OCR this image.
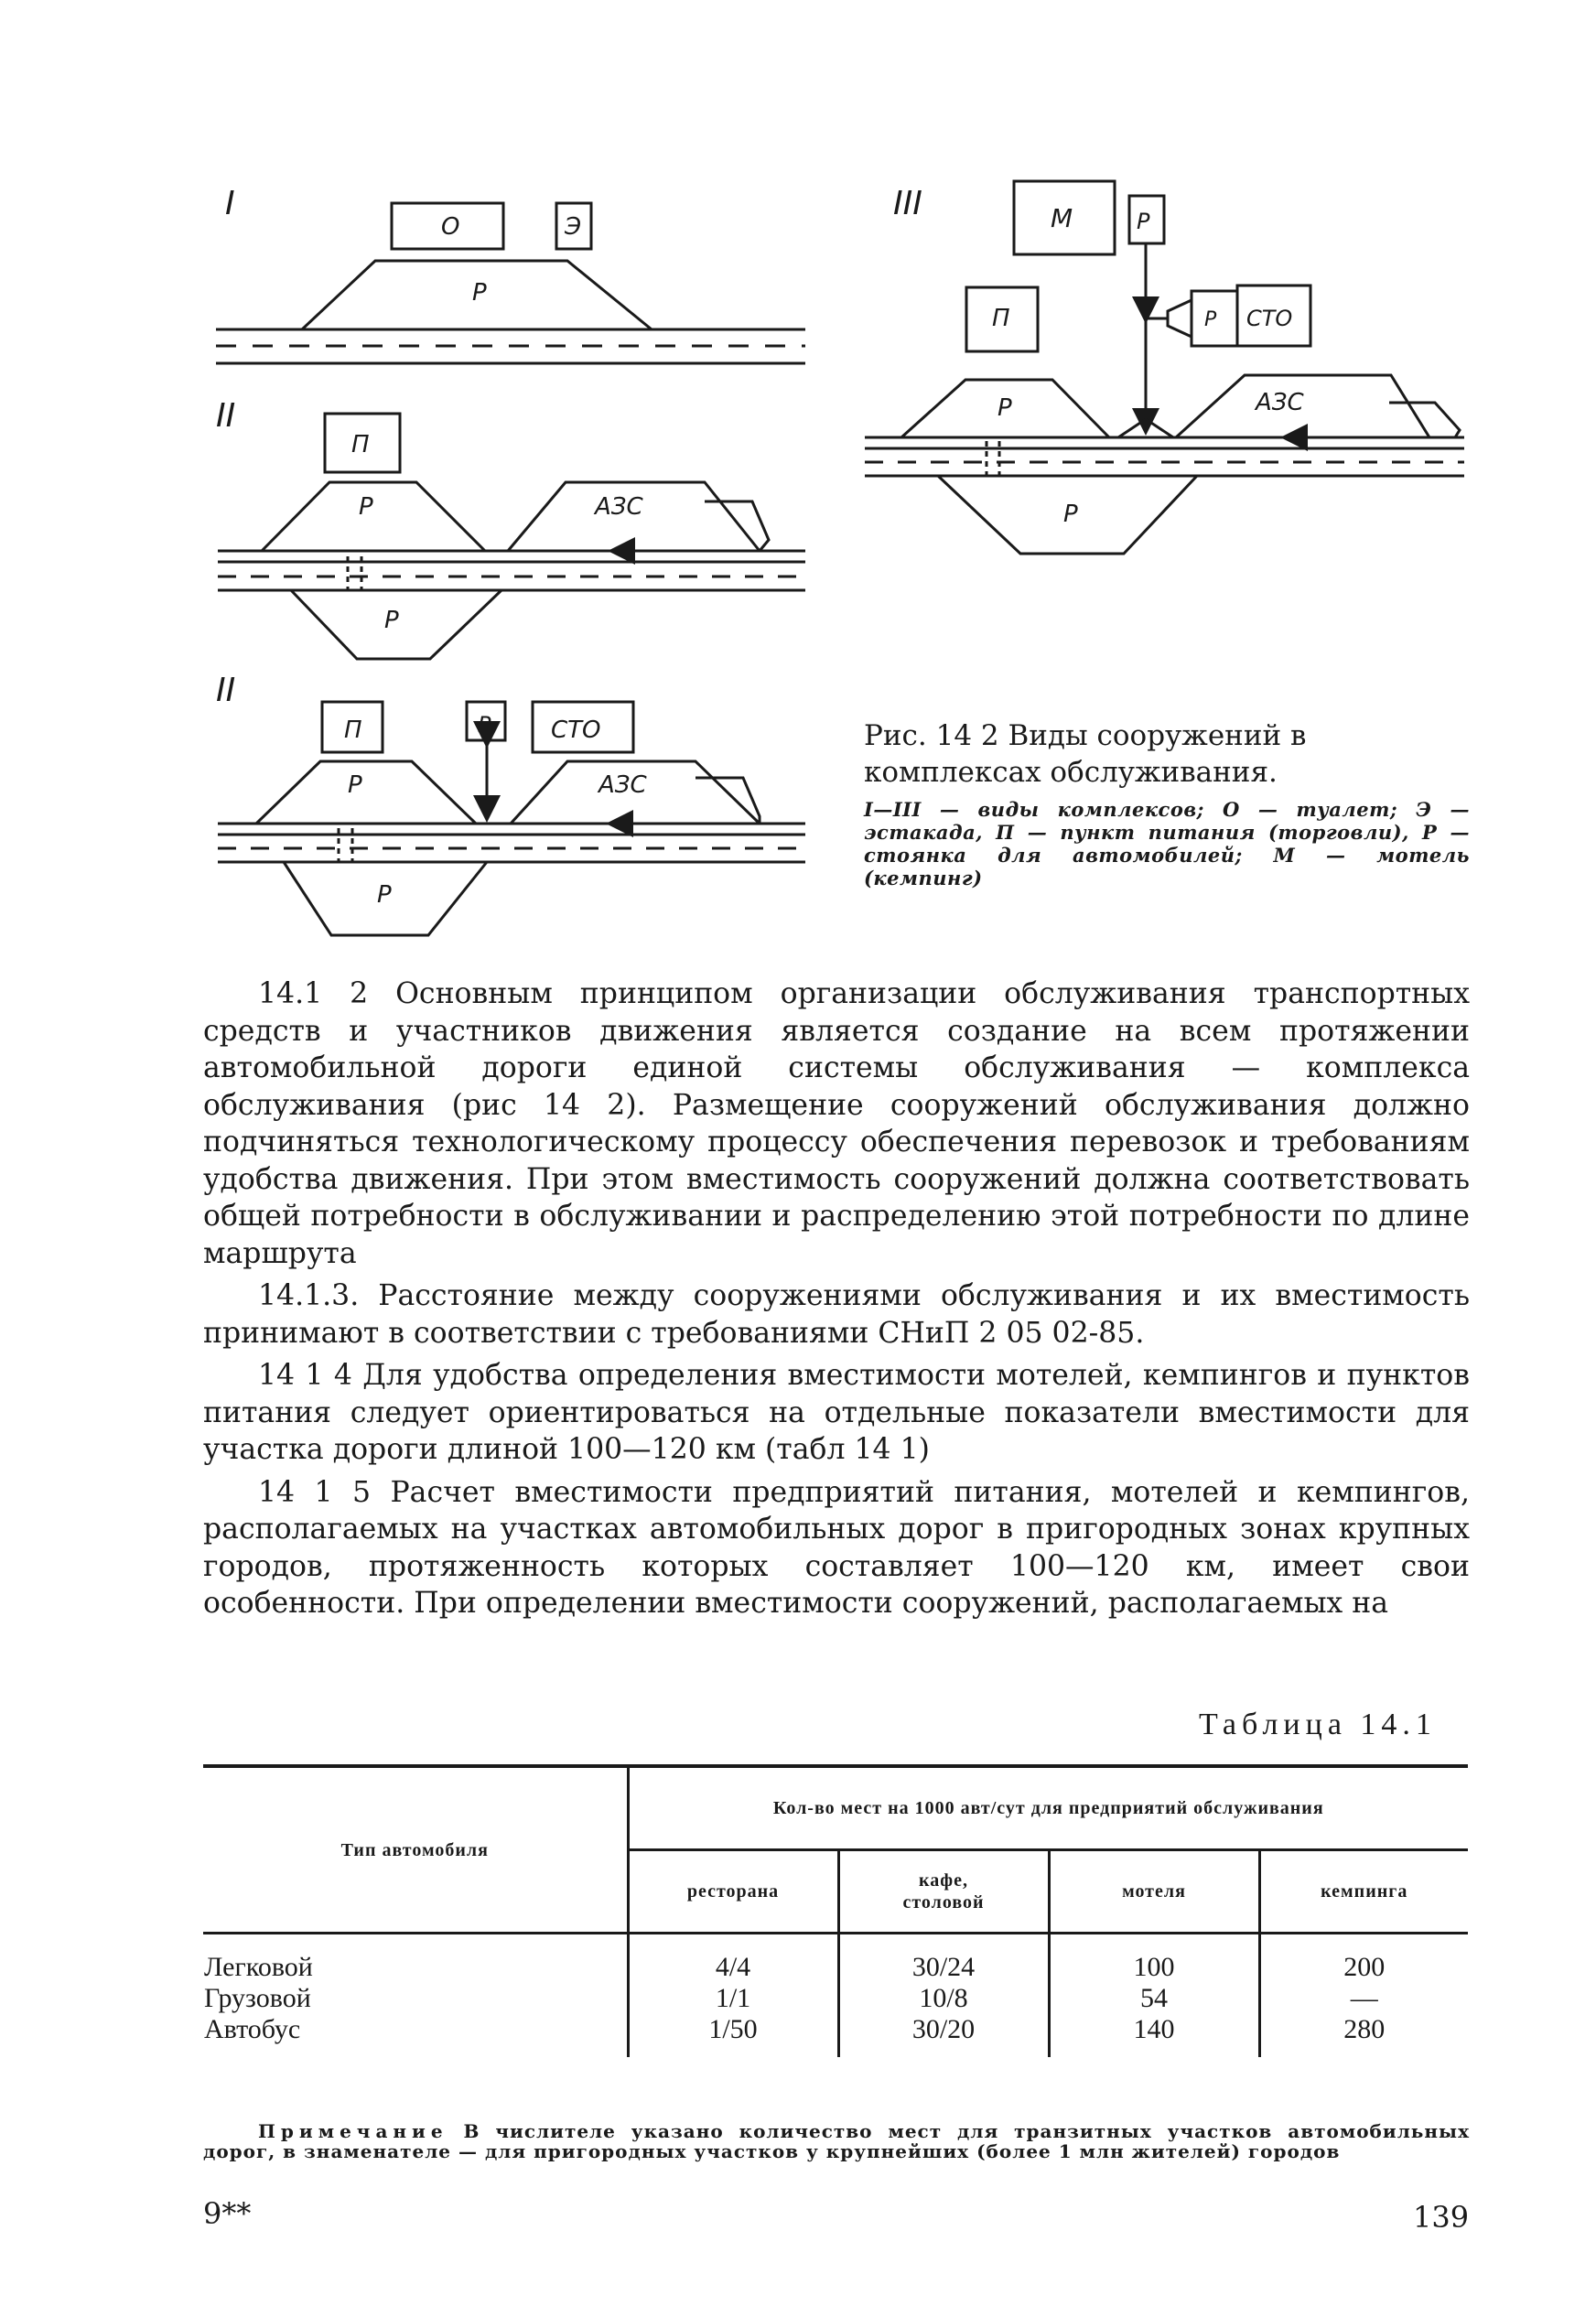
I
II
II
III
О	Э
Р
П
Р	АЗС
Р
П	Р	СТО
Р	АЗС
Р
М	Р
П	Р СТО
Р	АЗС
Р
Рис. 14 2 Виды сооружений в комплексах обслуживания.
I—III — виды комплексов; О — туалет; Э — эстакада, П — пункт питания (торговли), Р — стоянка для автомобилей; М — мотель (кемпинг)

14.1 2 Основным принципом организации обслуживания транспортных средств и участников движения является создание на всем протяжении автомобильной дороги единой системы обслуживания — комплекса обслуживания (рис 14 2). Размещение сооружений обслуживания должно подчиняться технологическому процессу обеспечения перевозок и требованиям удобства движения. При этом вместимость сооружений должна соответствовать общей потребности в обслуживании и распределению этой потребности по длине маршрута

14.1.3. Расстояние между сооружениями обслуживания и их вместимость принимают в соответствии с требованиями СНиП 2 05 02-85.

14 1 4 Для удобства определения вместимости мотелей, кемпингов и пунктов питания следует ориентироваться на отдельные показатели вместимости для участка дороги длиной 100—120 км (табл 14 1)

14 1 5 Расчет вместимости предприятий питания, мотелей и кемпингов, располагаемых на участках автомобильных дорог в пригородных зонах крупных городов, протяженность которых составляет 100—120 км, имеет свои особенности. При определении вместимости сооружений, располагаемых на

Таблица 14.1
Тип автомобиля	Кол-во мест на 1000 авт/сут для предприятий обслуживания			

	ресторана	кафе, столовой	мотеля	кемпинга

Легковой	4/4	30/24	100	200
Грузовой	1/1	10/8	54	—
Автобус	1/50	30/20	140	280
Примечание В числителе указано количество мест для транзитных участков автомобильных дорог, в знаменателе — для пригородных участков у крупнейших (более 1 млн жителей) городов
9**	139
